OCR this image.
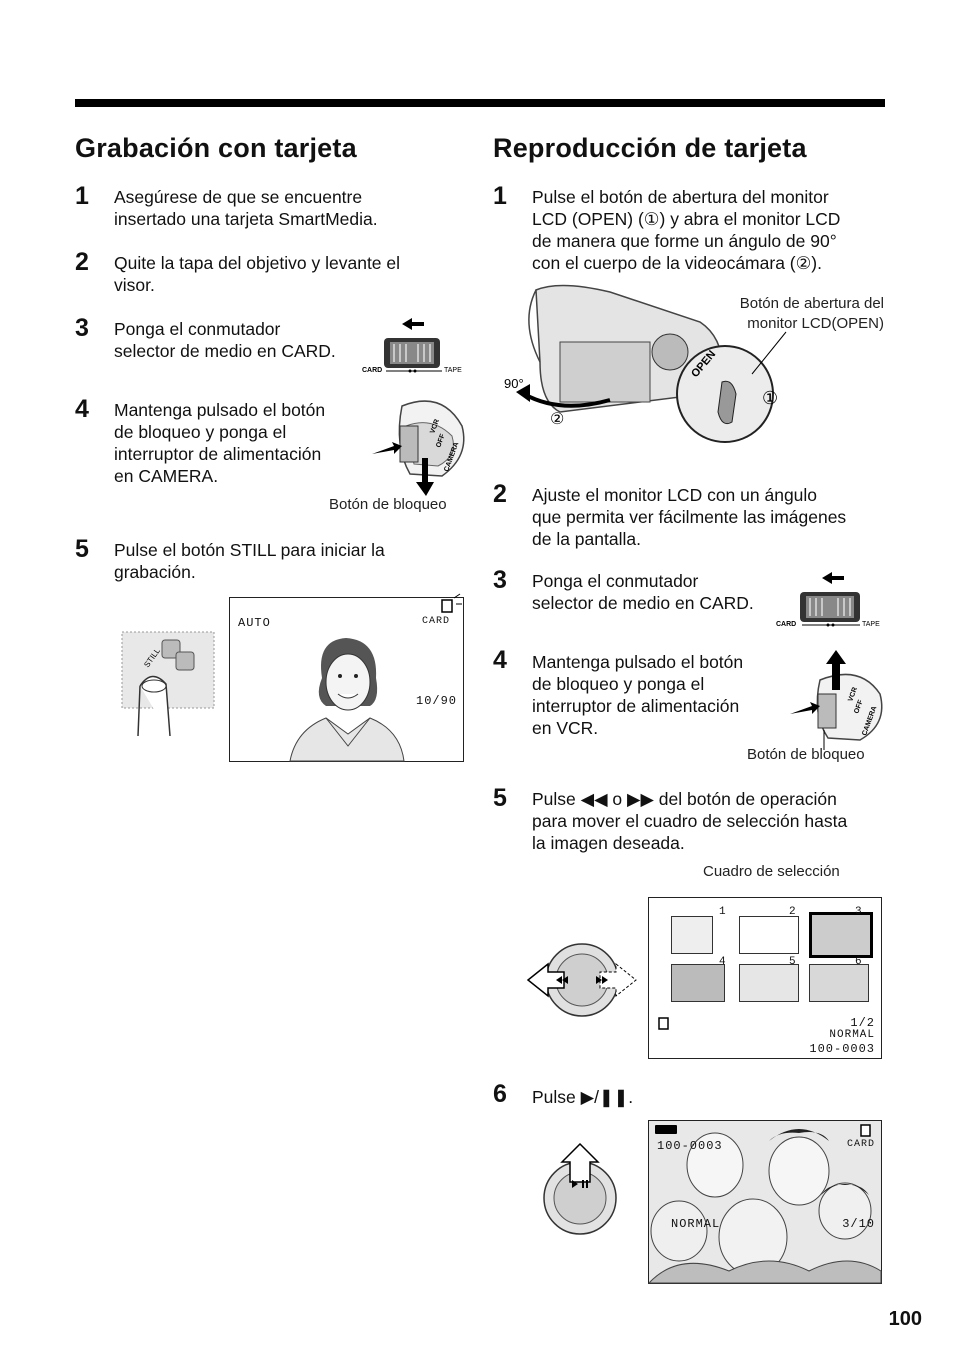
Grabación con tarjeta
1 Asegúrese de que se encuentre
insertado una tarjeta SmartMedia.
2 Quite la tapa del objetivo y levante el
visor.
3 Ponga el conmutador
selector de medio en CARD.
CARD	TAPE
4 Mantenga pulsado el botón
de bloqueo y ponga el
interruptor de alimentación
en CAMERA.
VCR
OFF
CAMERA
Botón de bloqueo
5 Pulse el botón STILL para iniciar la
grabación.
STILL
AUTO	CARD
10/90
Reproducción de tarjeta
1 Pulse el botón de abertura del monitor
LCD (OPEN) (①) y abra el monitor LCD
de manera que forme un ángulo de 90°
con el cuerpo de la videocámara (②).
OPEN
①
②
90°
Botón de abertura del
monitor LCD(OPEN)
2 Ajuste el monitor LCD con un ángulo
que permita ver fácilmente las imágenes
de la pantalla.
3 Ponga el conmutador
selector de medio en CARD.
CARD	TAPE
4 Mantenga pulsado el botón
de bloqueo y ponga el
interruptor de alimentación
en VCR.
VCR
OFF
CAMERA
Botón de bloqueo
5 Pulse ◀◀ o ▶▶ del botón de operación
para mover el cuadro de selección hasta
la imagen deseada.
Cuadro de selección
1	2	3
4	5	6
1/2
NORMAL
100-0003
6 Pulse ▶/❚❚.
100-0003	CARD
NORMAL	3/10
100
